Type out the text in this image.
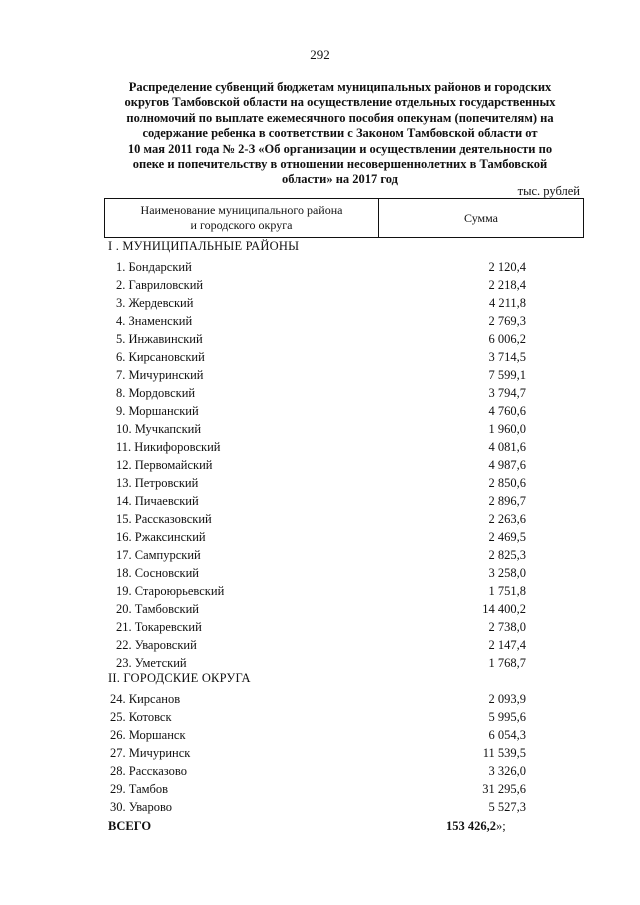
292
Распределение субвенций бюджетам муниципальных районов и городских
округов Тамбовской области на осуществление отдельных государственных
полномочий по выплате ежемесячного пособия опекунам (попечителям) на
содержание ребенка в соответствии с Законом Тамбовской области от
10 мая 2011 года № 2-З «Об организации и осуществлении деятельности по
опеке и попечительству в отношении несовершеннолетних в Тамбовской
области» на 2017 год
тыс. рублей
Наименование муниципального района
и городского округа
Сумма
I . МУНИЦИПАЛЬНЫЕ РАЙОНЫ
1. Бондарский	2 120,4
2. Гавриловский	2 218,4
3. Жердевский	4 211,8
4. Знаменский	2 769,3
5. Инжавинский	6 006,2
6. Кирсановский	3 714,5
7. Мичуринский	7 599,1
8. Мордовский	3 794,7
9. Моршанский	4 760,6
10. Мучкапский	1 960,0
11. Никифоровский	4 081,6
12. Первомайский	4 987,6
13. Петровский	2 850,6
14. Пичаевский	2 896,7
15. Рассказовский	2 263,6
16. Ржаксинский	2 469,5
17. Сампурский	2 825,3
18. Сосновский	3 258,0
19. Староюрьевский	1 751,8
20. Тамбовский	14 400,2
21. Токаревский	2 738,0
22. Уваровский	2 147,4
23. Уметский	1 768,7
II. ГОРОДСКИЕ ОКРУГА
24. Кирсанов	2 093,9
25. Котовск	5 995,6
26. Моршанск	6 054,3
27. Мичуринск	11 539,5
28. Рассказово	3 326,0
29. Тамбов	31 295,6
30. Уварово	5 527,3
ВСЕГО	153 426,2»;
